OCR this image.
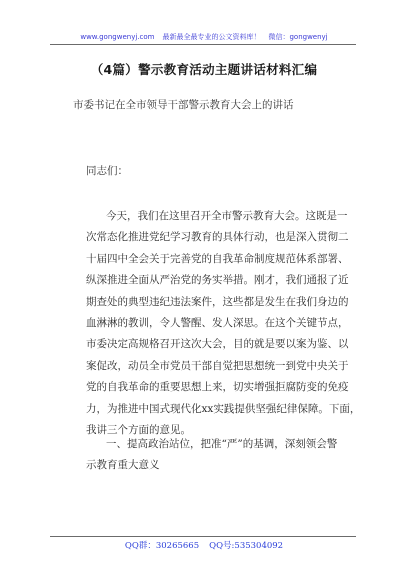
www.gongwenyj.com 最新最全最专业的公文资料库！ 微信：gongwenyj
（4篇）警示教育活动主题讲话材料汇编
市委书记在全市领导干部警示教育大会上的讲话
同志们：
今天，我们在这里召开全市警示教育大会。这既是一
次常态化推进党纪学习教育的具体行动，也是深入贯彻二
十届四中全会关于完善党的自我革命制度规范体系部署、
纵深推进全面从严治党的务实举措。刚才，我们通报了近
期查处的典型违纪违法案件，这些都是发生在我们身边的
血淋淋的教训，令人警醒、发人深思。在这个关键节点，
市委决定高规格召开这次大会，目的就是要以案为鉴、以
案促改，动员全市党员干部自觉把思想统一到党中央关于
党的自我革命的重要思想上来，切实增强拒腐防变的免疫
力，为推进中国式现代化xx实践提供坚强纪律保障。下面，
我讲三个方面的意见。
一、提高政治站位，把准“严”的基调，深刻领会警
示教育重大意义
QQ群：30265665 QQ号:535304092
